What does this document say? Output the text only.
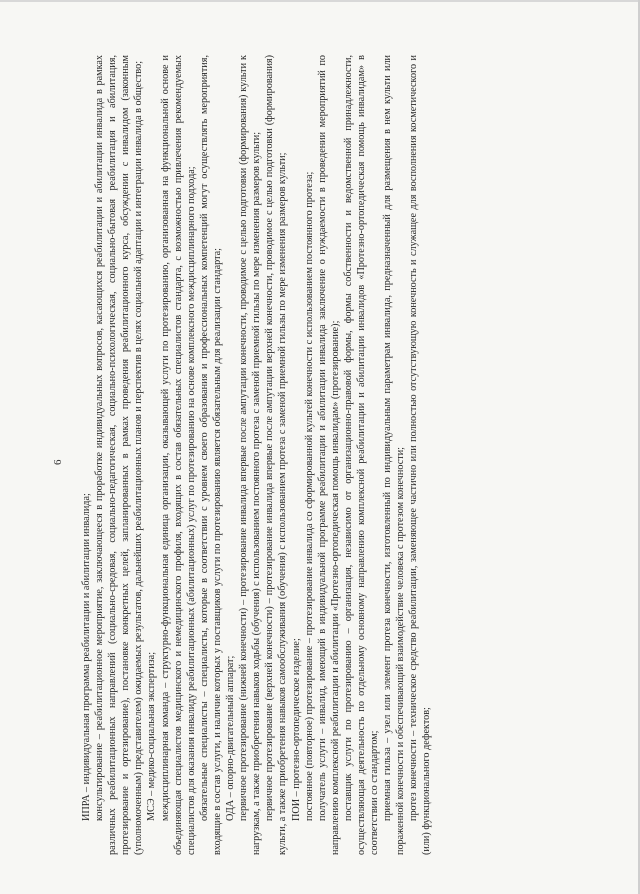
6

ИПРА – индивидуальная программа реабилитации и абилитации инвалида; консультирование – реабилитационное мероприятие, заключающееся в проработке индивидуальных вопросов, касающихся реабилитации и абилитации инвалида в рамках различных реабилитационных направлений (социально-средовая, социально-педагогическая, социально-психологическая, социально-бытовая реабилитация и абилитация, протезирование и ортезирование), постановке конкретных целей, запланированных в рамках проведения реабилитационного курса, обсуждении с инвалидом (законным (уполномоченным) представителем) ожидаемых результатов, дальнейших реабилитационных планов и перспектив в целях социальной адаптации и интеграции инвалида в общество; МСЭ – медико-социальная экспертиза; междисциплинарная команда – структурно-функциональная единица организации, оказывающей услуги по протезированию, организованная на функциональной основе и объединяющая специалистов медицинского и немедицинского профиля, входящих в состав обязательных специалистов стандарта, с возможностью привлечения рекомендуемых специалистов для оказания инвалиду реабилитационных (абилитационных) услуг по протезированию на основе комплексного междисциплинарного подхода; обязательные специалисты – специалисты, которые в соответствии с уровнем своего образования и профессиональных компетенций могут осуществлять мероприятия, входящие в состав услуги, и наличие которых у поставщиков услуги по протезированию является обязательным для реализации стандарта; ОДА – опорно-двигательный аппарат; первичное протезирование (нижней конечности) – протезирование инвалида впервые после ампутации конечности, проводимое с целью подготовки (формирования) культи к нагрузкам, а также приобретения навыков ходьбы (обучения) с использованием постоянного протеза с заменой приемной гильзы по мере изменения размеров культи; первичное протезирование (верхней конечности) – протезирование инвалида впервые после ампутации верхней конечности, проводимое с целью подготовки (формирования) культи, а также приобретения навыков самообслуживания (обучения) с использованием протеза с заменой приемной гильзы по мере изменения размеров культи; ПОИ – протезно-ортопедическое изделие; постоянное (повторное) протезирование – протезирование инвалида со сформированной культей конечности с использованием постоянного протеза; получатель услуги – инвалид, имеющий в индивидуальной программе реабилитации и абилитации инвалида заключение о нуждаемости в проведении мероприятий по направлению комплексной реабилитации и абилитации «Протезно-ортопедическая помощь инвалидам» (протезирование); поставщик услуги по протезированию – организация, независимо от организационно-правовой формы, формы собственности и ведомственной принадлежности, осуществляющая деятельность по отдельному основному направлению комплексной реабилитации и абилитации инвалидов «Протезно-ортопедическая помощь инвалидам» в соответствии со стандартом; приемная гильза – узел или элемент протеза конечности, изготовленный по индивидуальным параметрам инвалида, предназначенный для размещения в нем культи или пораженной конечности и обеспечивающий взаимодействие человека с протезом конечности; протез конечности – техническое средство реабилитации, заменяющее частично или полностью отсутствующую конечность и служащее для восполнения косметического и (или) функционального дефектов;
